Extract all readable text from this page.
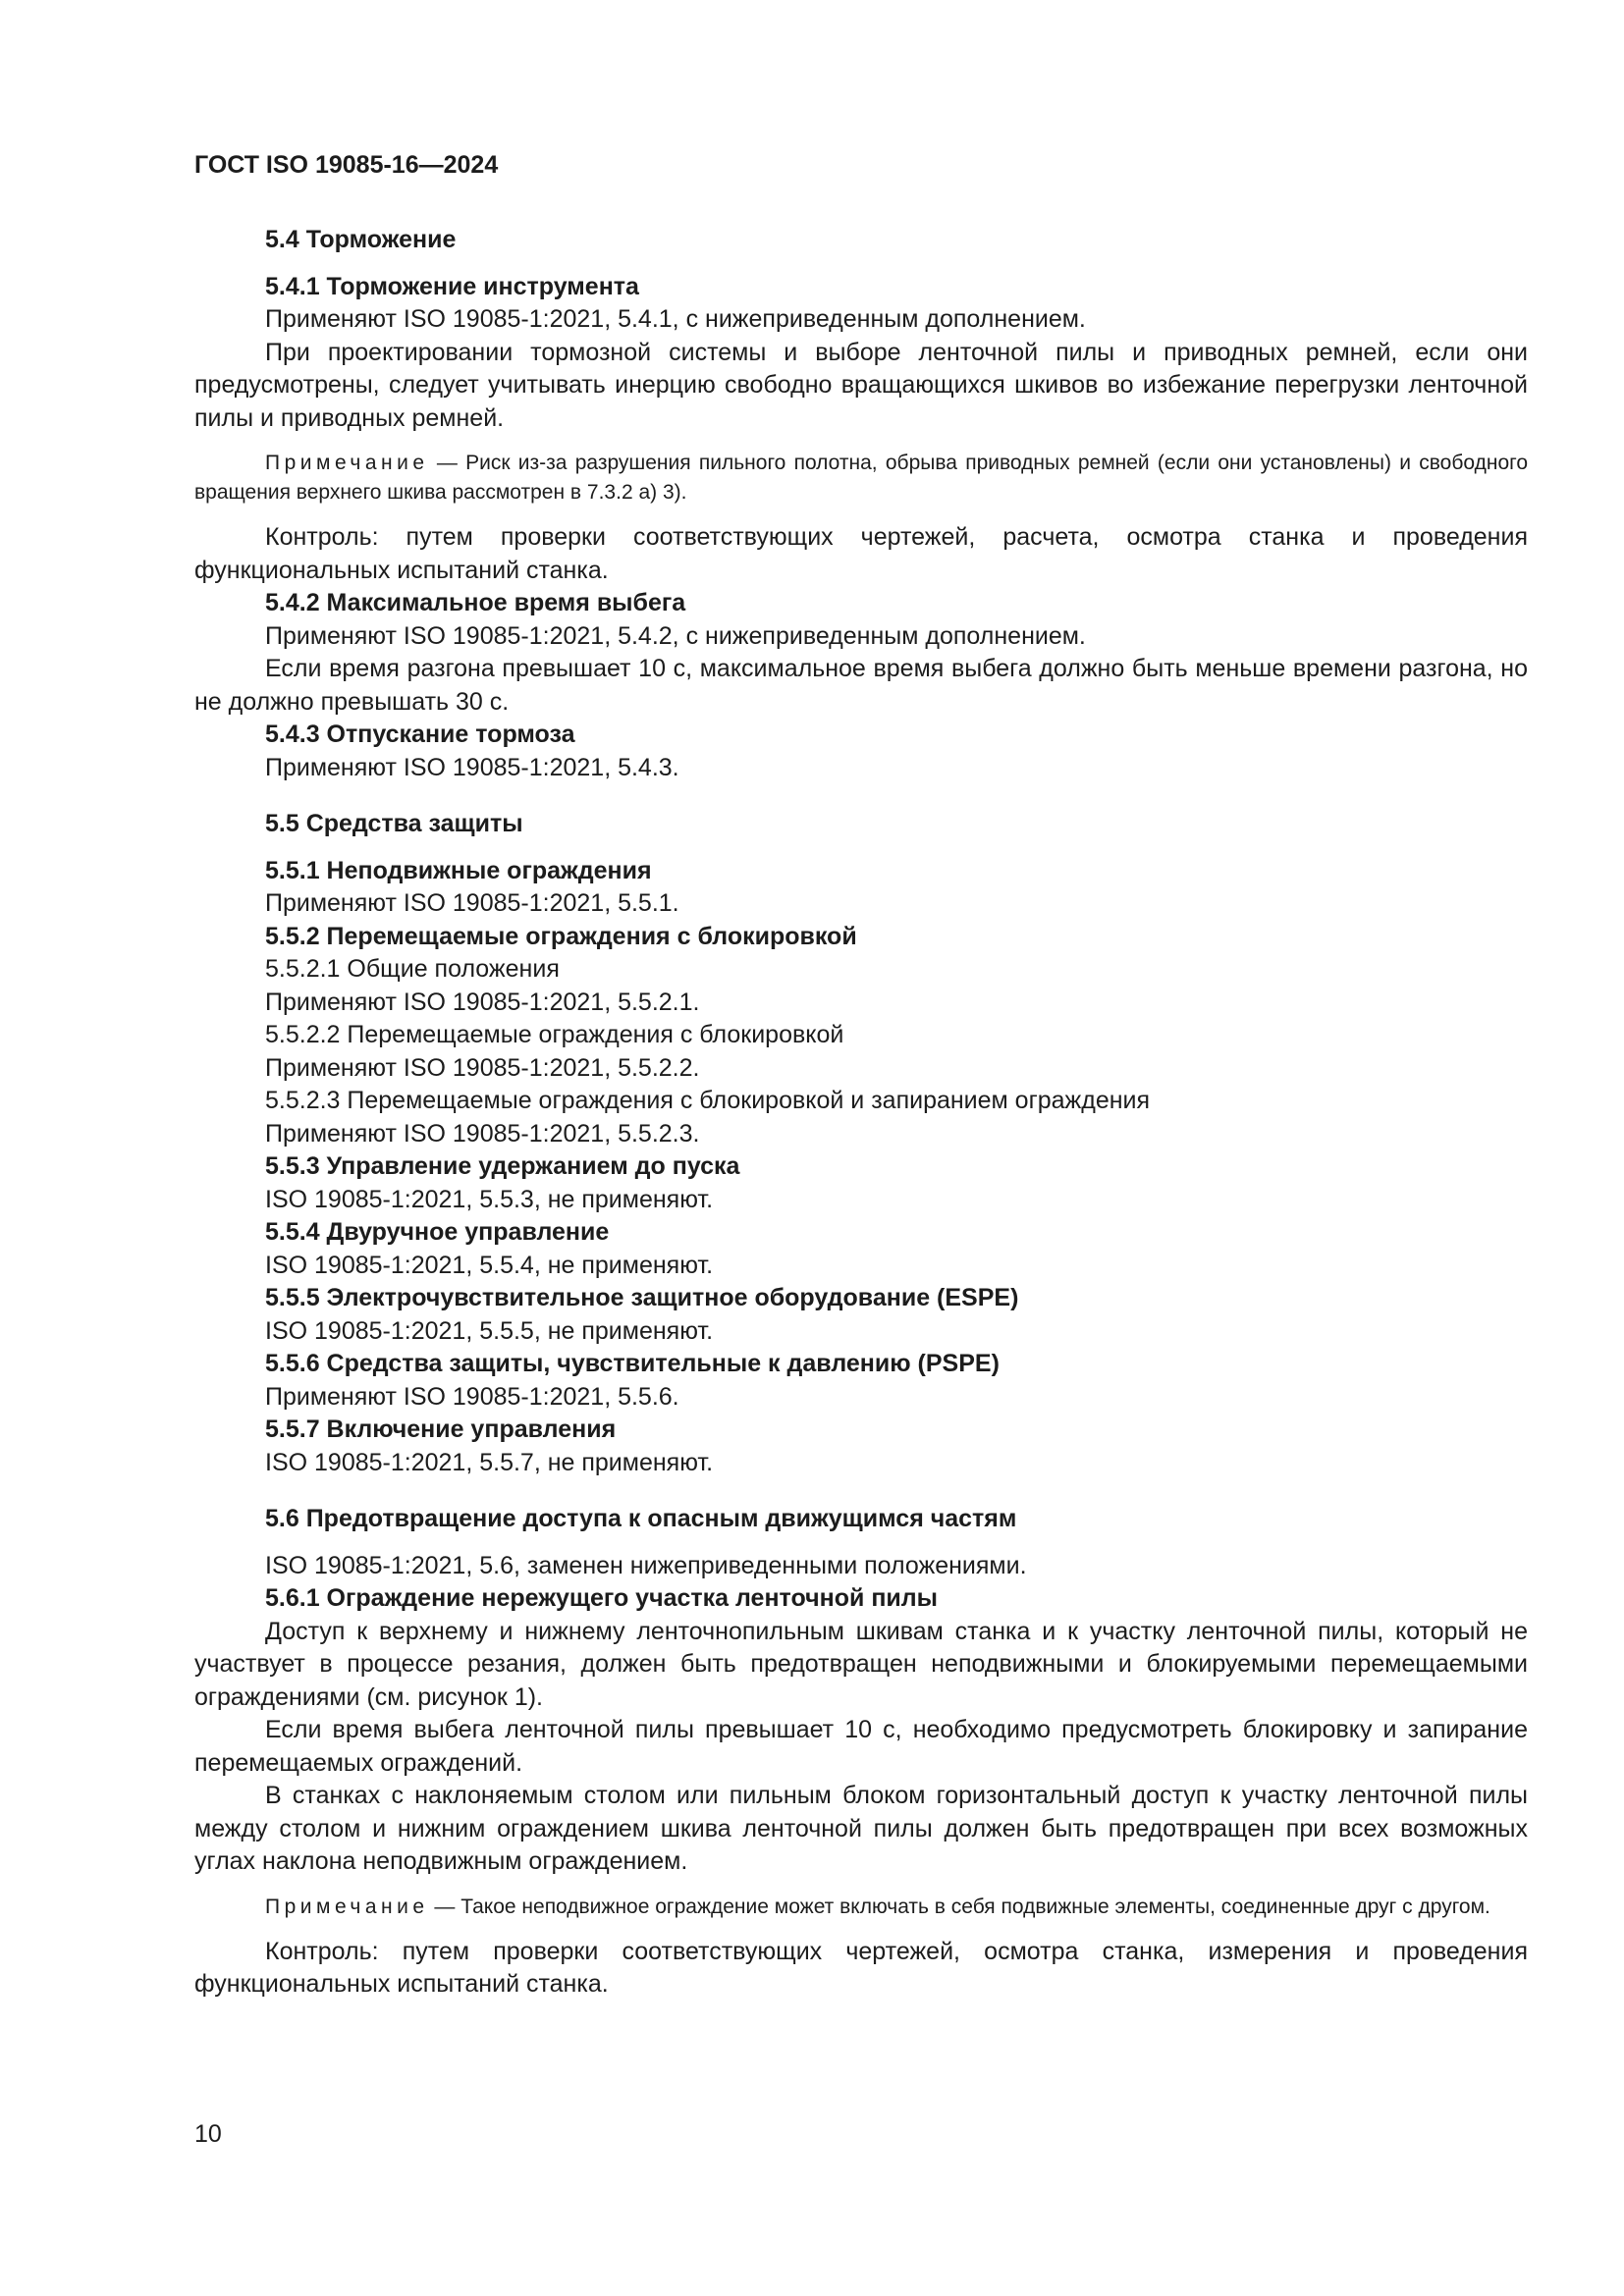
ГОСТ ISO 19085-16—2024
5.4 Торможение
5.4.1 Торможение инструмента

Применяют ISO 19085-1:2021, 5.4.1, с нижеприведенным дополнением.

При проектировании тормозной системы и выборе ленточной пилы и приводных ремней, если они предусмотрены, следует учитывать инерцию свободно вращающихся шкивов во избежание перегрузки ленточной пилы и приводных ремней.

Примечание — Риск из-за разрушения пильного полотна, обрыва приводных ремней (если они установлены) и свободного вращения верхнего шкива рассмотрен в 7.3.2 а) 3).

Контроль: путем проверки соответствующих чертежей, расчета, осмотра станка и проведения функциональных испытаний станка.

5.4.2 Максимальное время выбега

Применяют ISO 19085-1:2021, 5.4.2, с нижеприведенным дополнением.

Если время разгона превышает 10 с, максимальное время выбега должно быть меньше времени разгона, но не должно превышать 30 с.

5.4.3 Отпускание тормоза

Применяют ISO 19085-1:2021, 5.4.3.

5.5 Средства защиты
5.5.1 Неподвижные ограждения

Применяют ISO 19085-1:2021, 5.5.1.

5.5.2 Перемещаемые ограждения с блокировкой

5.5.2.1 Общие положения

Применяют ISO 19085-1:2021, 5.5.2.1.

5.5.2.2 Перемещаемые ограждения с блокировкой

Применяют ISO 19085-1:2021, 5.5.2.2.

5.5.2.3 Перемещаемые ограждения с блокировкой и запиранием ограждения

Применяют ISO 19085-1:2021, 5.5.2.3.

5.5.3 Управление удержанием до пуска

ISO 19085-1:2021, 5.5.3, не применяют.

5.5.4 Двуручное управление

ISO 19085-1:2021, 5.5.4, не применяют.

5.5.5 Электрочувствительное защитное оборудование (ESPE)

ISO 19085-1:2021, 5.5.5, не применяют.

5.5.6 Средства защиты, чувствительные к давлению (PSPE)

Применяют ISO 19085-1:2021, 5.5.6.

5.5.7 Включение управления

ISO 19085-1:2021, 5.5.7, не применяют.

5.6 Предотвращение доступа к опасным движущимся частям

ISO 19085-1:2021, 5.6, заменен нижеприведенными положениями.

5.6.1 Ограждение нережущего участка ленточной пилы

Доступ к верхнему и нижнему ленточнопильным шкивам станка и к участку ленточной пилы, который не участвует в процессе резания, должен быть предотвращен неподвижными и блокируемыми перемещаемыми ограждениями (см. рисунок 1).

Если время выбега ленточной пилы превышает 10 с, необходимо предусмотреть блокировку и запирание перемещаемых ограждений.

В станках с наклоняемым столом или пильным блоком горизонтальный доступ к участку ленточной пилы между столом и нижним ограждением шкива ленточной пилы должен быть предотвращен при всех возможных углах наклона неподвижным ограждением.

Примечание — Такое неподвижное ограждение может включать в себя подвижные элементы, соединенные друг с другом.

Контроль: путем проверки соответствующих чертежей, осмотра станка, измерения и проведения функциональных испытаний станка.

10
